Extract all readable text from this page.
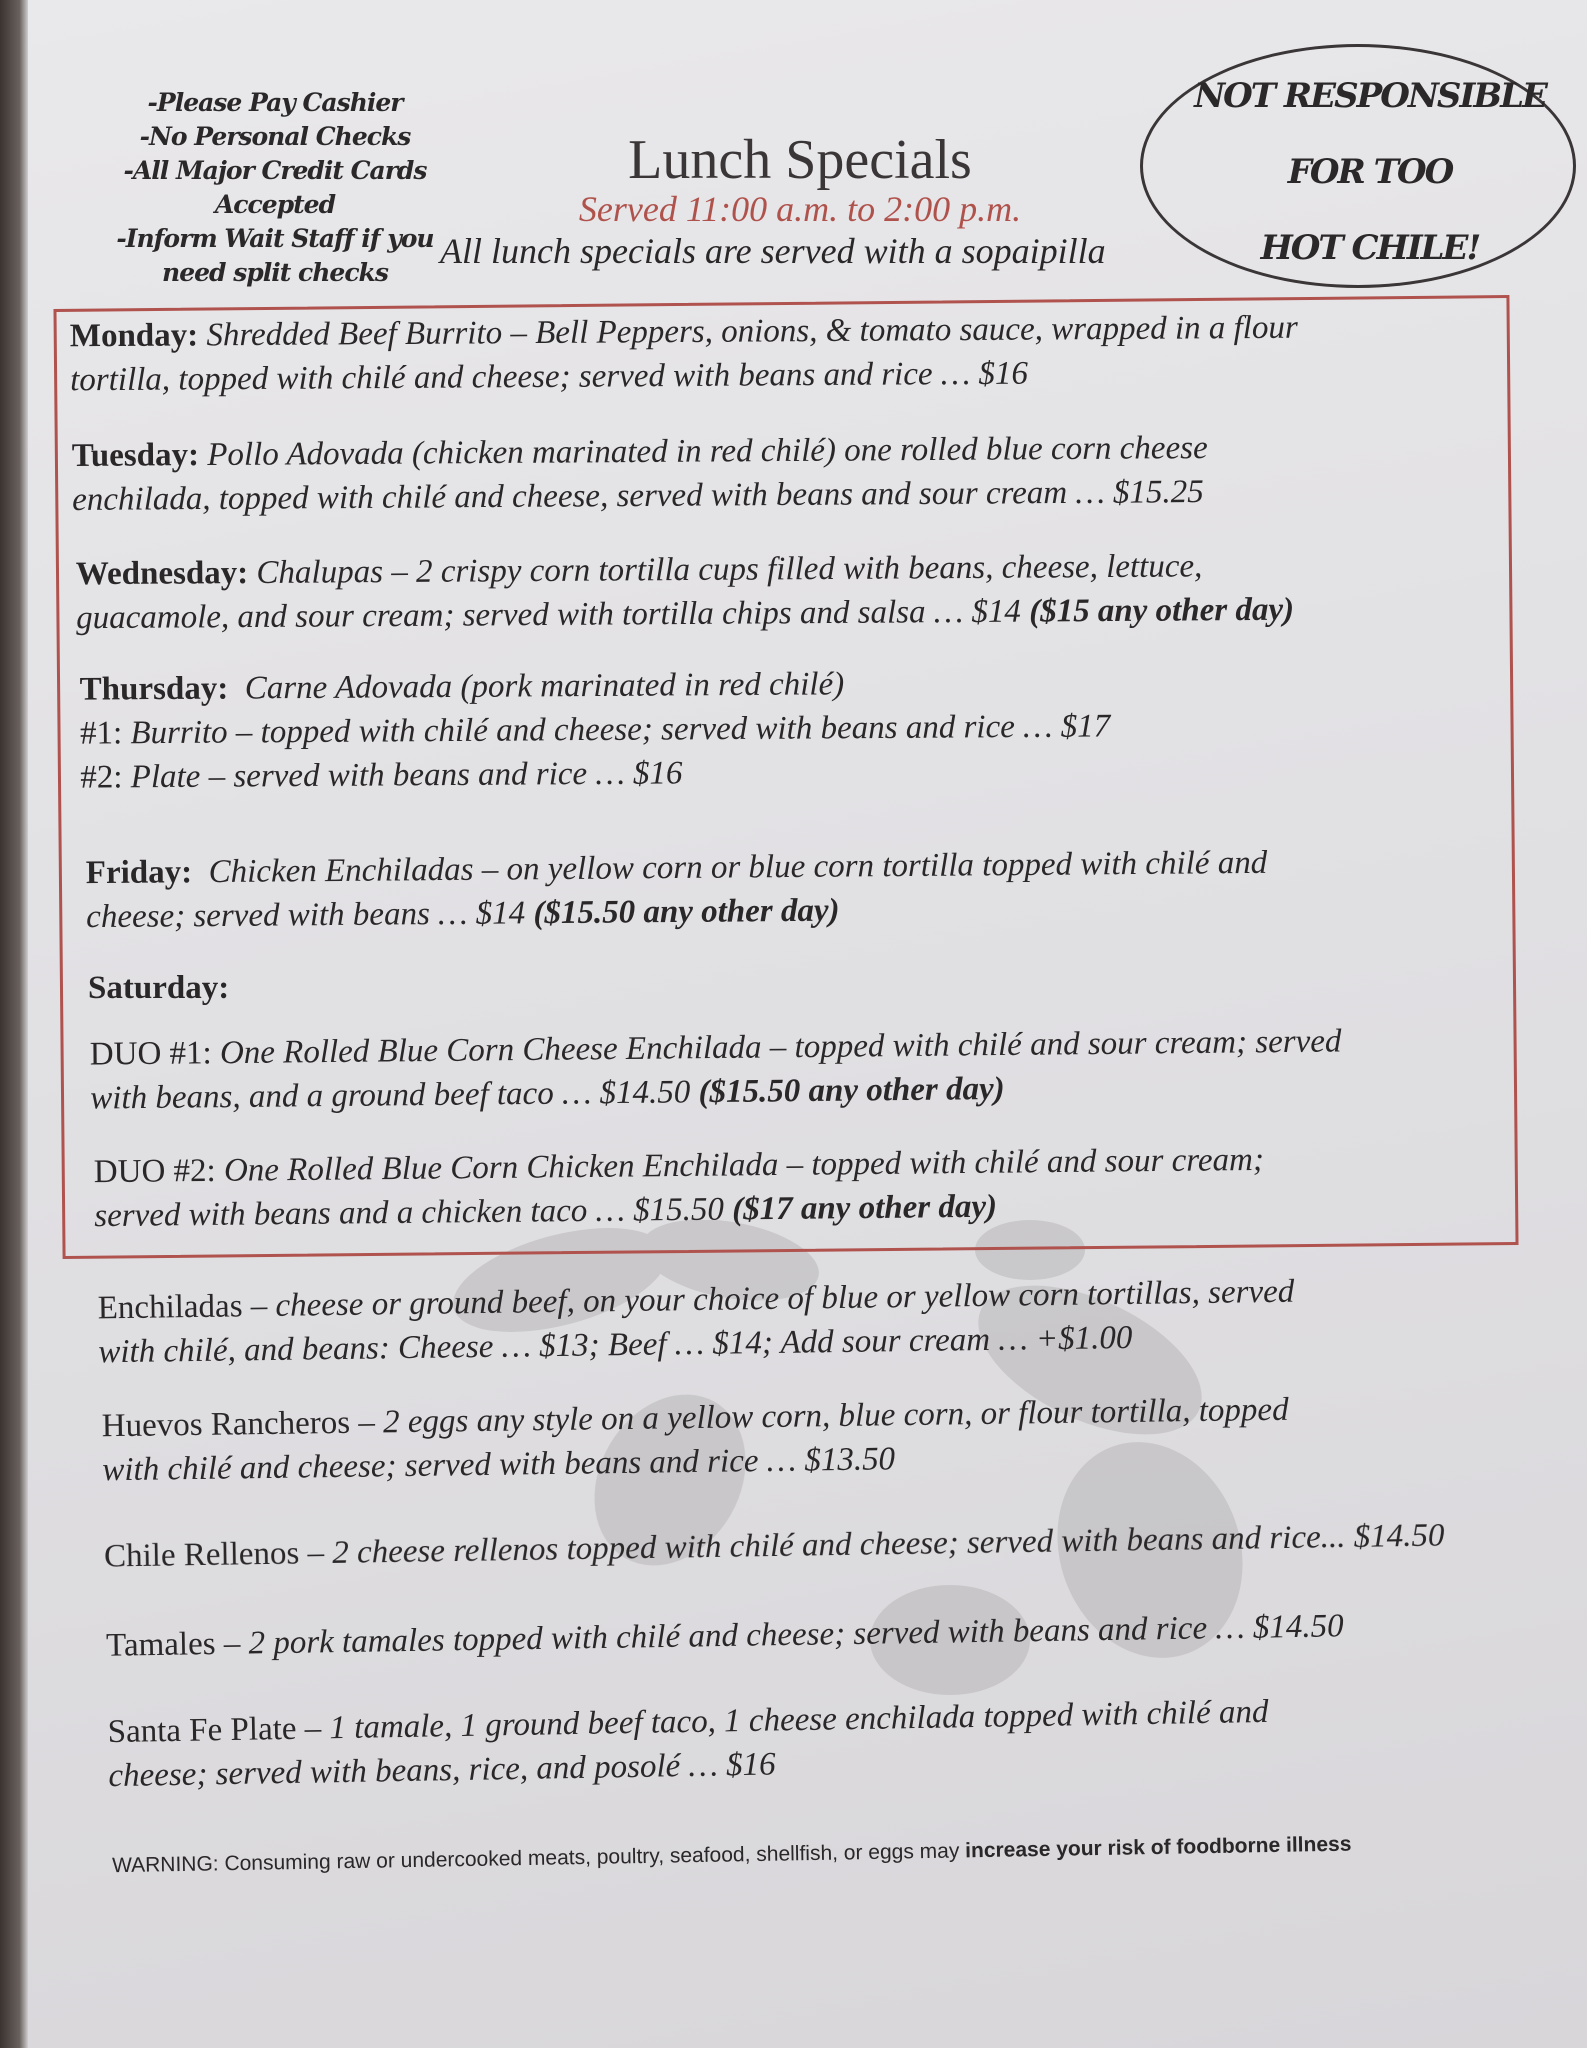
-Please Pay Cashier
-No Personal Checks
-All Major Credit Cards
Accepted
-Inform Wait Staff if you
need split checks
Lunch Specials
Served 11:00 a.m. to 2:00 p.m.
All lunch specials are served with a sopaipilla
NOT RESPONSIBLE
FOR TOO
HOT CHILE!
Monday: Shredded Beef Burrito – Bell Peppers, onions, & tomato sauce, wrapped in a flour
tortilla, topped with chilé and cheese; served with beans and rice … $16
Tuesday: Pollo Adovada (chicken marinated in red chilé) one rolled blue corn cheese
enchilada, topped with chilé and cheese, served with beans and sour cream … $15.25
Wednesday: Chalupas – 2 crispy corn tortilla cups filled with beans, cheese, lettuce,
guacamole, and sour cream; served with tortilla chips and salsa … $14 ($15 any other day)
Thursday: Carne Adovada (pork marinated in red chilé)
#1: Burrito – topped with chilé and cheese; served with beans and rice … $17
#2: Plate – served with beans and rice … $16
Friday: Chicken Enchiladas – on yellow corn or blue corn tortilla topped with chilé and
cheese; served with beans … $14 ($15.50 any other day)
Saturday:
DUO #1: One Rolled Blue Corn Cheese Enchilada – topped with chilé and sour cream; served
with beans, and a ground beef taco … $14.50 ($15.50 any other day)
DUO #2: One Rolled Blue Corn Chicken Enchilada – topped with chilé and sour cream;
served with beans and a chicken taco … $15.50 ($17 any other day)
Enchiladas – cheese or ground beef, on your choice of blue or yellow corn tortillas, served
with chilé, and beans: Cheese … $13; Beef … $14; Add sour cream … +$1.00
Huevos Rancheros – 2 eggs any style on a yellow corn, blue corn, or flour tortilla, topped
with chilé and cheese; served with beans and rice … $13.50
Chile Rellenos – 2 cheese rellenos topped with chilé and cheese; served with beans and rice... $14.50
Tamales – 2 pork tamales topped with chilé and cheese; served with beans and rice … $14.50
Santa Fe Plate – 1 tamale, 1 ground beef taco, 1 cheese enchilada topped with chilé and
cheese; served with beans, rice, and posolé … $16
WARNING: Consuming raw or undercooked meats, poultry, seafood, shellfish, or eggs may increase your risk of foodborne illness
